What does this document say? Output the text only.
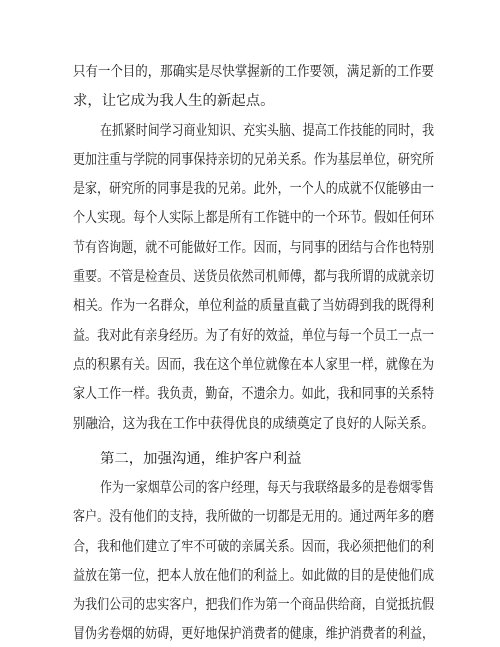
只有一个目的，那确实是尽快掌握新的工作要领，满足新的工作要
求，让它成为我人生的新起点。
在抓紧时间学习商业知识、充实头脑、提高工作技能的同时，我
更加注重与学院的同事保持亲切的兄弟关系。作为基层单位，研究所
是家，研究所的同事是我的兄弟。此外，一个人的成就不仅能够由一
个人实现。每个人实际上都是所有工作链中的一个环节。假如任何环
节有咨询题，就不可能做好工作。因而，与同事的团结与合作也特别
重要。不管是检查员、送货员依然司机师傅，都与我所谓的成就亲切
相关。作为一名群众，单位利益的质量直截了当妨碍到我的既得利
益。我对此有亲身经历。为了有好的效益，单位与每一个员工一点一
点的积累有关。因而，我在这个单位就像在本人家里一样，就像在为
家人工作一样。我负责，勤奋，不遗余力。如此，我和同事的关系特
别融洽，这为我在工作中获得优良的成绩奠定了良好的人际关系。
第二，加强沟通，维护客户利益
作为一家烟草公司的客户经理，每天与我联络最多的是卷烟零售
客户。没有他们的支持，我所做的一切都是无用的。通过两年多的磨
合，我和他们建立了牢不可破的亲属关系。因而，我必须把他们的利
益放在第一位，把本人放在他们的利益上。如此做的目的是使他们成
为我们公司的忠实客户，把我们作为第一个商品供给商，自觉抵抗假
冒伪劣卷烟的妨碍，更好地保护消费者的健康，维护消费者的利益，
